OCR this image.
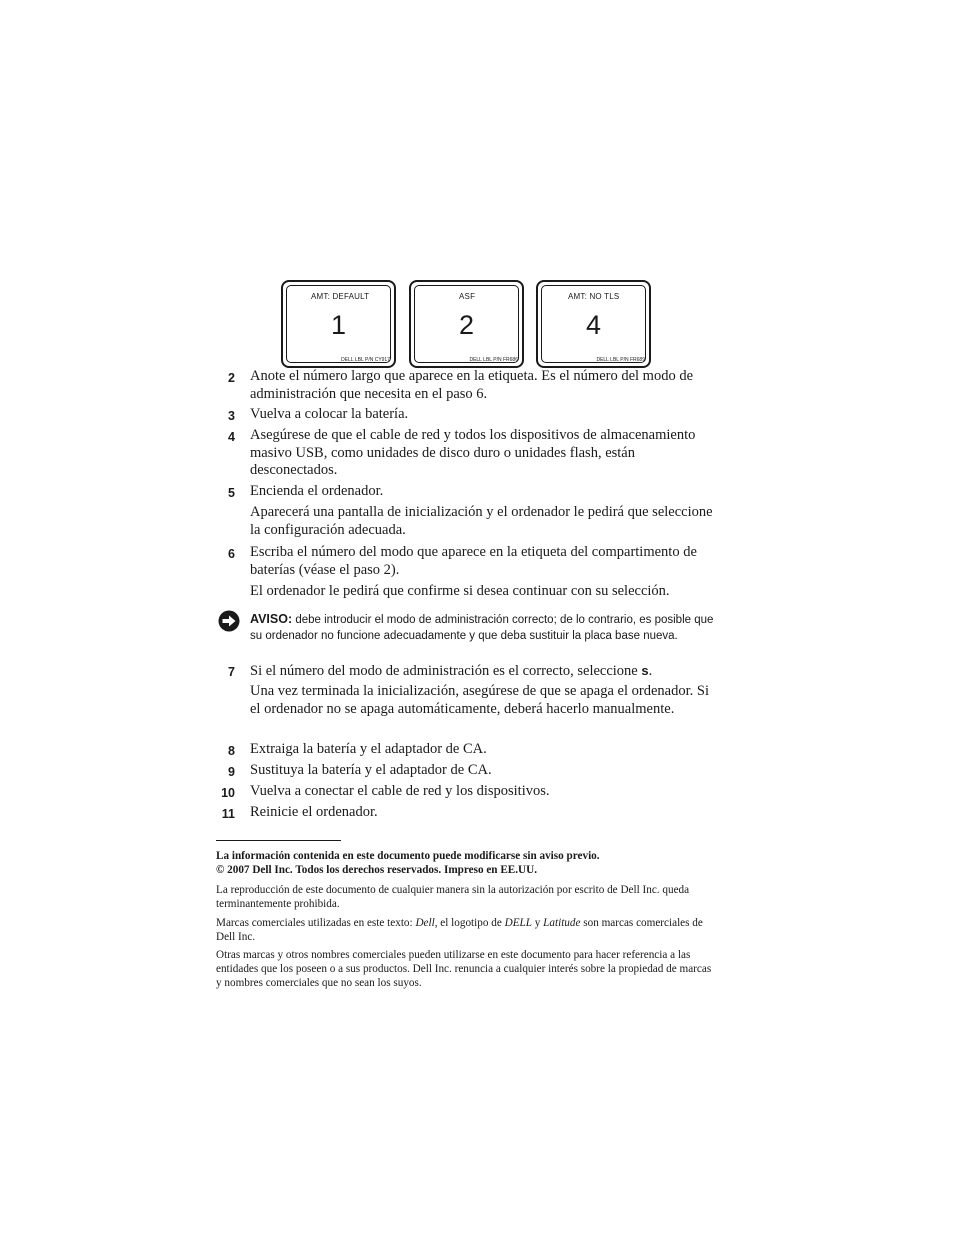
AMT: DEFAULT
1
DELL LBL P/N CY917
ASF
2
DELL LBL P/N FR686
AMT: NO TLS
4
DELL LBL P/N FR689
2 Anote el número largo que aparece en la etiqueta. Es el número del modo de administración que necesita en el paso 6.
3 Vuelva a colocar la batería.
4 Asegúrese de que el cable de red y todos los dispositivos de almacenamiento masivo USB, como unidades de disco duro o unidades flash, están desconectados.
5 Encienda el ordenador.
Aparecerá una pantalla de inicialización y el ordenador le pedirá que seleccione la configuración adecuada.
6 Escriba el número del modo que aparece en la etiqueta del compartimento de baterías (véase el paso 2).
El ordenador le pedirá que confirme si desea continuar con su selección.
AVISO: debe introducir el modo de administración correcto; de lo contrario, es posible que su ordenador no funcione adecuadamente y que deba sustituir la placa base nueva.
7 Si el número del modo de administración es el correcto, seleccione s.
Una vez terminada la inicialización, asegúrese de que se apaga el ordenador. Si el ordenador no se apaga automáticamente, deberá hacerlo manualmente.
8 Extraiga la batería y el adaptador de CA.
9 Sustituya la batería y el adaptador de CA.
10 Vuelva a conectar el cable de red y los dispositivos.
11 Reinicie el ordenador.
La información contenida en este documento puede modificarse sin aviso previo.
© 2007 Dell Inc. Todos los derechos reservados. Impreso en EE.UU.
La reproducción de este documento de cualquier manera sin la autorización por escrito de Dell Inc. queda terminantemente prohibida.
Marcas comerciales utilizadas en este texto: Dell, el logotipo de DELL y Latitude son marcas comerciales de Dell Inc.
Otras marcas y otros nombres comerciales pueden utilizarse en este documento para hacer referencia a las entidades que los poseen o a sus productos. Dell Inc. renuncia a cualquier interés sobre la propiedad de marcas y nombres comerciales que no sean los suyos.
